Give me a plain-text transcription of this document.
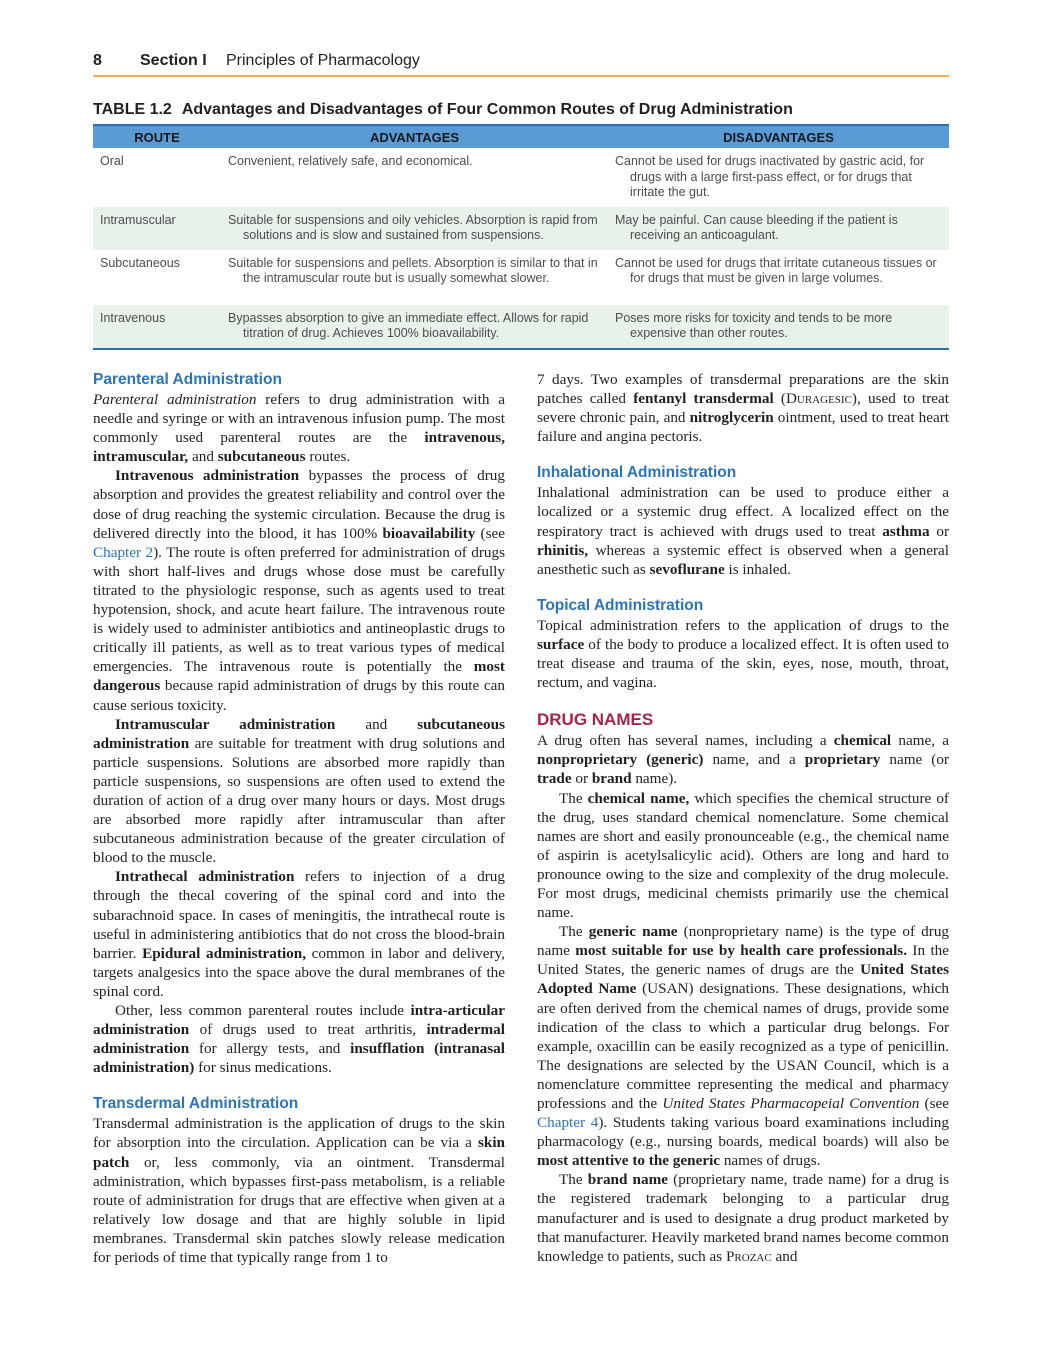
8 Section I Principles of Pharmacology
TABLE 1.2 Advantages and Disadvantages of Four Common Routes of Drug Administration
ROUTE	ADVANTAGES	DISADVANTAGES
Oral	Convenient, relatively safe, and economical.	Cannot be used for drugs inactivated by gastric acid, for drugs with a large first-pass effect, or for drugs that irritate the gut.

Intramuscular	Suitable for suspensions and oily vehicles. Absorption is rapid from solutions and is slow and sustained from suspensions.	May be painful. Can cause bleeding if the patient is receiving an anticoagulant.

Subcutaneous	Suitable for suspensions and pellets. Absorption is similar to that in the intramuscular route but is usually somewhat slower.	Cannot be used for drugs that irritate cutaneous tissues or for drugs that must be given in large volumes.

Intravenous	Bypasses absorption to give an immediate effect. Allows for rapid titration of drug. Achieves 100% bioavailability.	Poses more risks for toxicity and tends to be more expensive than other routes.
Parenteral Administration

Parenteral administration refers to drug administration with a needle and syringe or with an intravenous infusion pump. The most commonly used parenteral routes are the intravenous, intramuscular, and subcutaneous routes.

Intravenous administration bypasses the process of drug absorption and provides the greatest reliability and control over the dose of drug reaching the systemic circulation. Because the drug is delivered directly into the blood, it has 100% bioavailability (see Chapter 2). The route is often preferred for administration of drugs with short half-lives and drugs whose dose must be carefully titrated to the physiologic response, such as agents used to treat hypotension, shock, and acute heart failure. The intravenous route is widely used to administer antibiotics and antineoplastic drugs to critically ill patients, as well as to treat various types of medical emergencies. The intravenous route is potentially the most dangerous because rapid administration of drugs by this route can cause serious toxicity.

Intramuscular administration and subcutaneous administration are suitable for treatment with drug solutions and particle suspensions. Solutions are absorbed more rapidly than particle suspensions, so suspensions are often used to extend the duration of action of a drug over many hours or days. Most drugs are absorbed more rapidly after intramuscular than after subcutaneous administration because of the greater circulation of blood to the muscle.

Intrathecal administration refers to injection of a drug through the thecal covering of the spinal cord and into the subarachnoid space. In cases of meningitis, the intrathecal route is useful in administering antibiotics that do not cross the blood-brain barrier. Epidural administration, common in labor and delivery, targets analgesics into the space above the dural membranes of the spinal cord.

Other, less common parenteral routes include intra-articular administration of drugs used to treat arthritis, intradermal administration for allergy tests, and insufflation (intranasal administration) for sinus medications.

Transdermal Administration

Transdermal administration is the application of drugs to the skin for absorption into the circulation. Application can be via a skin patch or, less commonly, via an ointment. Transdermal administration, which bypasses first-pass metabolism, is a reliable route of administration for drugs that are effective when given at a relatively low dosage and that are highly soluble in lipid membranes. Transdermal skin patches slowly release medication for periods of time that typically range from 1 to

7 days. Two examples of transdermal preparations are the skin patches called fentanyl transdermal (Duragesic), used to treat severe chronic pain, and nitroglycerin ointment, used to treat heart failure and angina pectoris.

Inhalational Administration

Inhalational administration can be used to produce either a localized or a systemic drug effect. A localized effect on the respiratory tract is achieved with drugs used to treat asthma or rhinitis, whereas a systemic effect is observed when a general anesthetic such as sevoflurane is inhaled.

Topical Administration

Topical administration refers to the application of drugs to the surface of the body to produce a localized effect. It is often used to treat disease and trauma of the skin, eyes, nose, mouth, throat, rectum, and vagina.

DRUG NAMES

A drug often has several names, including a chemical name, a nonproprietary (generic) name, and a proprietary name (or trade or brand name).

The chemical name, which specifies the chemical structure of the drug, uses standard chemical nomenclature. Some chemical names are short and easily pronounceable (e.g., the chemical name of aspirin is acetylsalicylic acid). Others are long and hard to pronounce owing to the size and complexity of the drug molecule. For most drugs, medicinal chemists primarily use the chemical name.

The generic name (nonproprietary name) is the type of drug name most suitable for use by health care professionals. In the United States, the generic names of drugs are the United States Adopted Name (USAN) designations. These designations, which are often derived from the chemical names of drugs, provide some indication of the class to which a particular drug belongs. For example, oxacillin can be easily recognized as a type of penicillin. The designations are selected by the USAN Council, which is a nomenclature committee representing the medical and pharmacy professions and the United States Pharmacopeial Convention (see Chapter 4). Students taking various board examinations including pharmacology (e.g., nursing boards, medical boards) will also be most attentive to the generic names of drugs.

The brand name (proprietary name, trade name) for a drug is the registered trademark belonging to a particular drug manufacturer and is used to designate a drug product marketed by that manufacturer. Heavily marketed brand names become common knowledge to patients, such as Prozac and
